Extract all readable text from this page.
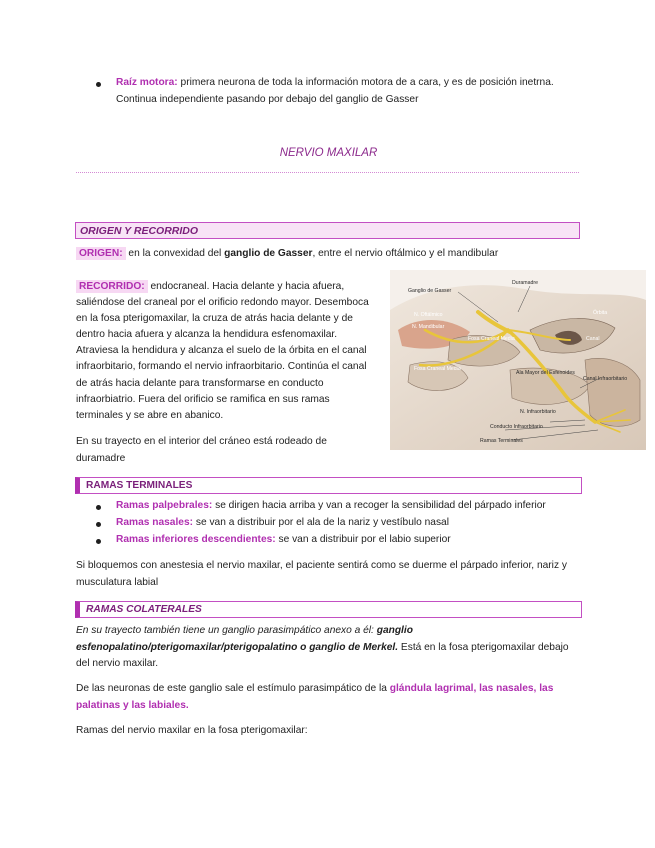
Raíz motora: primera neurona de toda la información motora de a cara, y es de posición inetrna.
Continua independiente pasando por debajo del ganglio de Gasser
NERVIO MAXILAR
ORIGEN Y RECORRIDO
ORIGEN: en la convexidad del ganglio de Gasser, entre el nervio oftálmico y el mandibular
RECORRIDO: endocraneal. Hacia delante y hacia afuera,
saliéndose del craneal por el orificio redondo mayor. Desemboca
en la fosa pterigomaxilar, la cruza de atrás hacia delante y de
dentro hacia afuera y alcanza la hendidura esfenomaxilar.
Atraviesa la hendidura y alcanza el suelo de la órbita en el canal
infraorbitario, formando el nervio infraorbitario. Continúa el canal
de atrás hacia delante para transformarse en conducto
infraorbiatrio. Fuera del orificio se ramifica en sus ramas
terminales y se abre en abanico.
En su trayecto en el interior del cráneo está rodeado de
duramadre
Ganglio de Gasser
Duramadre
N. Oftálmico
N. Mandibular
Fosa Craneal Media
Órbita
Canal
Fosa Craneal Media
Ala Mayor del Esfenoides
Canal Infraorbitario
N. Infraorbitario
Conducto Infraorbitario
Ramas Terminales
RAMAS TERMINALES
Ramas palpebrales: se dirigen hacia arriba y van a recoger la sensibilidad del párpado inferior
Ramas nasales: se van a distribuir por el ala de la nariz y vestíbulo nasal
Ramas inferiores descendientes: se van a distribuir por el labio superior
Si bloquemos con anestesia el nervio maxilar, el paciente sentirá como se duerme el párpado inferior, nariz y
musculatura labial
RAMAS COLATERALES
En su trayecto también tiene un ganglio parasimpático anexo a él: ganglio
esfenopalatino/pterigomaxilar/pterigopalatino o ganglio de Merkel. Está en la fosa pterigomaxilar debajo
del nervio maxilar.
De las neuronas de este ganglio sale el estímulo parasimpático de la glándula lagrimal, las nasales, las
palatinas y las labiales.
Ramas del nervio maxilar en la fosa pterigomaxilar:
